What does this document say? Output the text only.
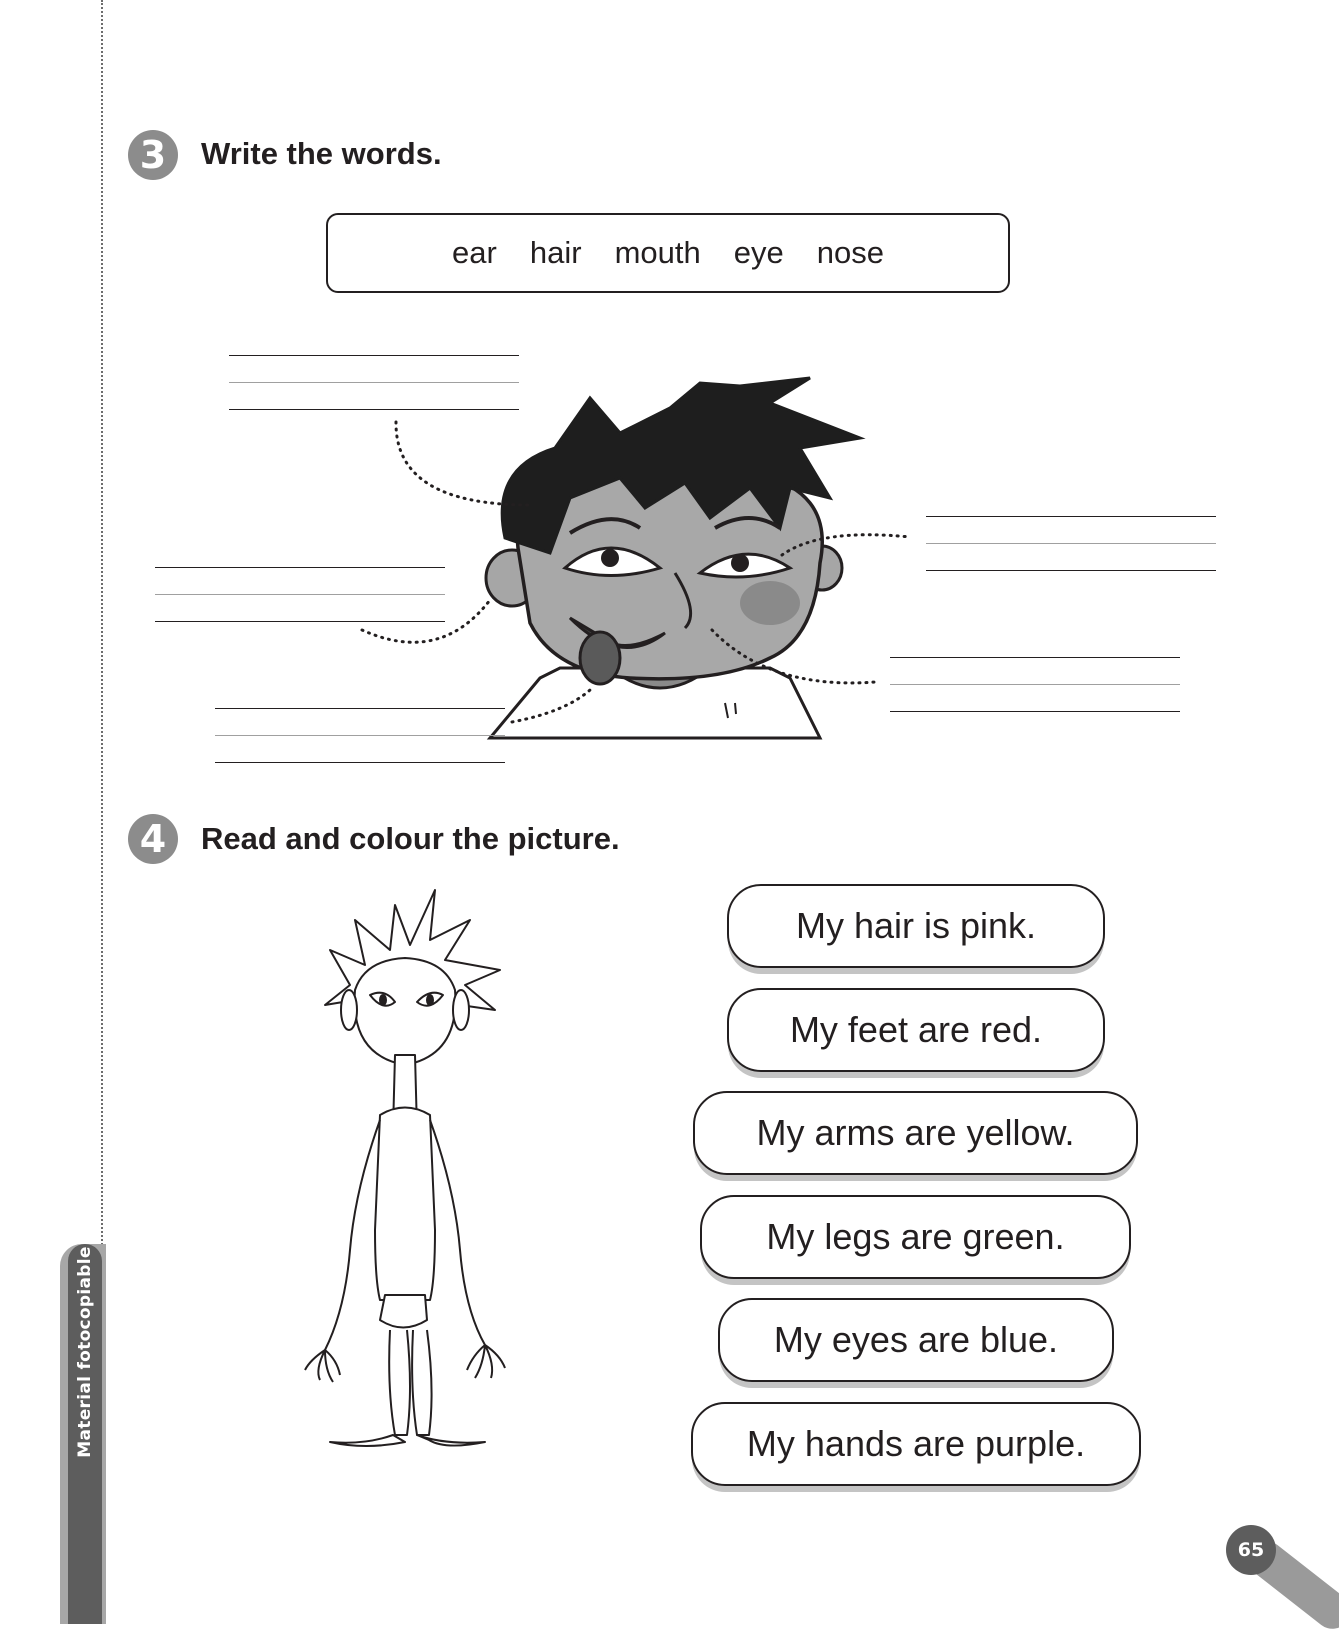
3	Write the words.
ear hair mouth eye nose
4	Read and colour the picture.
My hair is pink.
My feet are red.
My arms are yellow.
My legs are green.
My eyes are blue.
My hands are purple.
Material fotocopiable
65
